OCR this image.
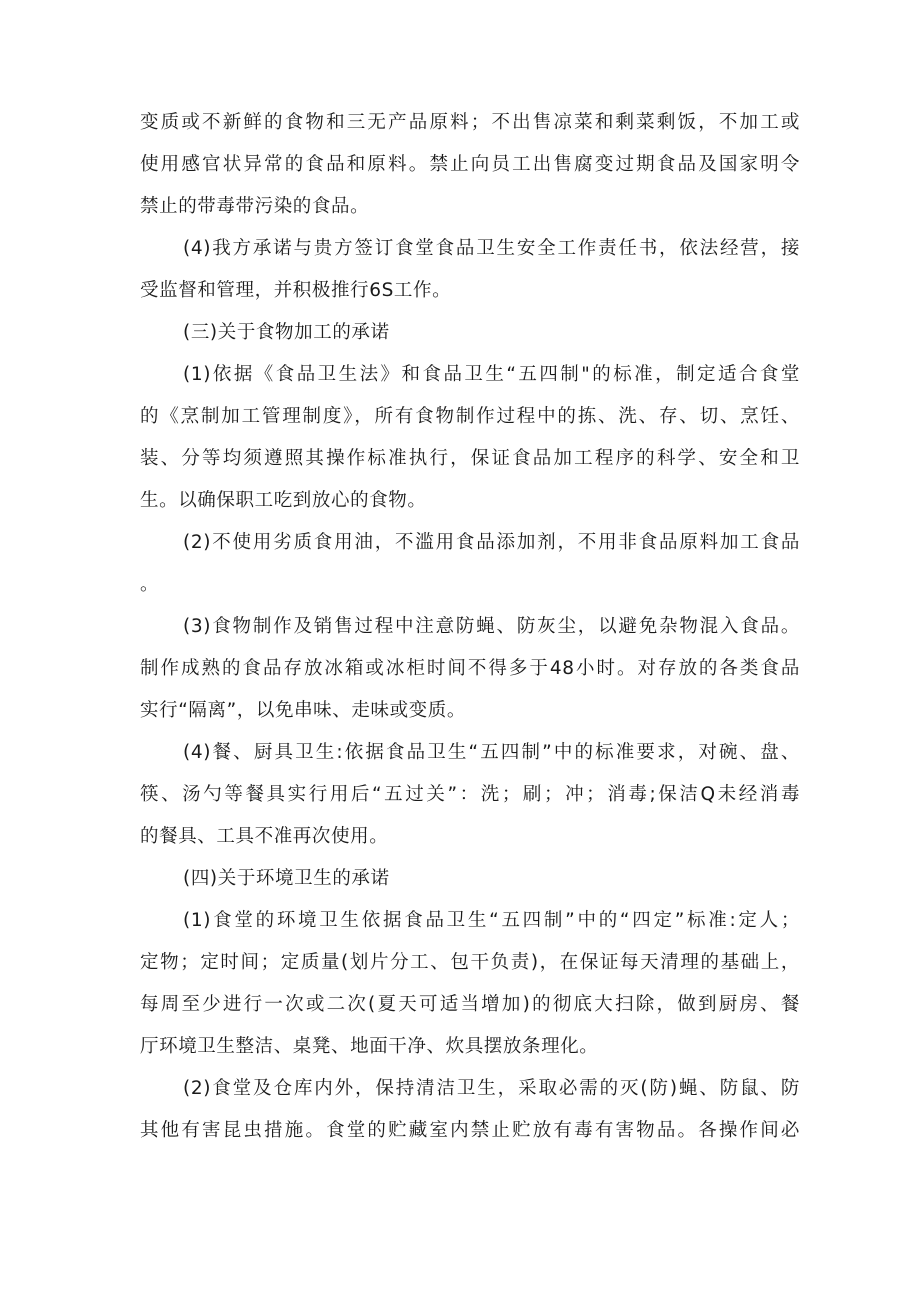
变质或不新鲜的食物和三无产品原料；不出售凉菜和剩菜剩饭，不加工或
使用感官状异常的食品和原料。禁止向员工出售腐变过期食品及国家明令
禁止的带毒带污染的食品。
(4)我方承诺与贵方签订食堂食品卫生安全工作责任书，依法经营，接
受监督和管理，并积极推行6S工作。
(三)关于食物加工的承诺
(1)依据《食品卫生法》和食品卫生“五四制"的标准，制定适合食堂
的《烹制加工管理制度》，所有食物制作过程中的拣、洗、存、切、烹饪、
装、分等均须遵照其操作标准执行，保证食品加工程序的科学、安全和卫
生。以确保职工吃到放心的食物。
(2)不使用劣质食用油，不滥用食品添加剂，不用非食品原料加工食品
。
(3)食物制作及销售过程中注意防蝇、防灰尘，以避免杂物混入食品。
制作成熟的食品存放冰箱或冰柜时间不得多于48小时。对存放的各类食品
实行“隔离”，以免串味、走味或变质。
(4)餐、厨具卫生:依据食品卫生“五四制”中的标准要求，对碗、盘、
筷、汤勺等餐具实行用后“五过关”：洗；刷；冲；消毒;保洁Q未经消毒
的餐具、工具不准再次使用。
(四)关于环境卫生的承诺
(1)食堂的环境卫生依据食品卫生“五四制”中的“四定”标准:定人；
定物；定时间；定质量(划片分工、包干负责)，在保证每天清理的基础上，
每周至少进行一次或二次(夏天可适当增加)的彻底大扫除，做到厨房、餐
厅环境卫生整洁、桌凳、地面干净、炊具摆放条理化。
(2)食堂及仓库内外，保持清洁卫生，采取必需的灭(防)蝇、防鼠、防
其他有害昆虫措施。食堂的贮藏室内禁止贮放有毒有害物品。各操作间必
